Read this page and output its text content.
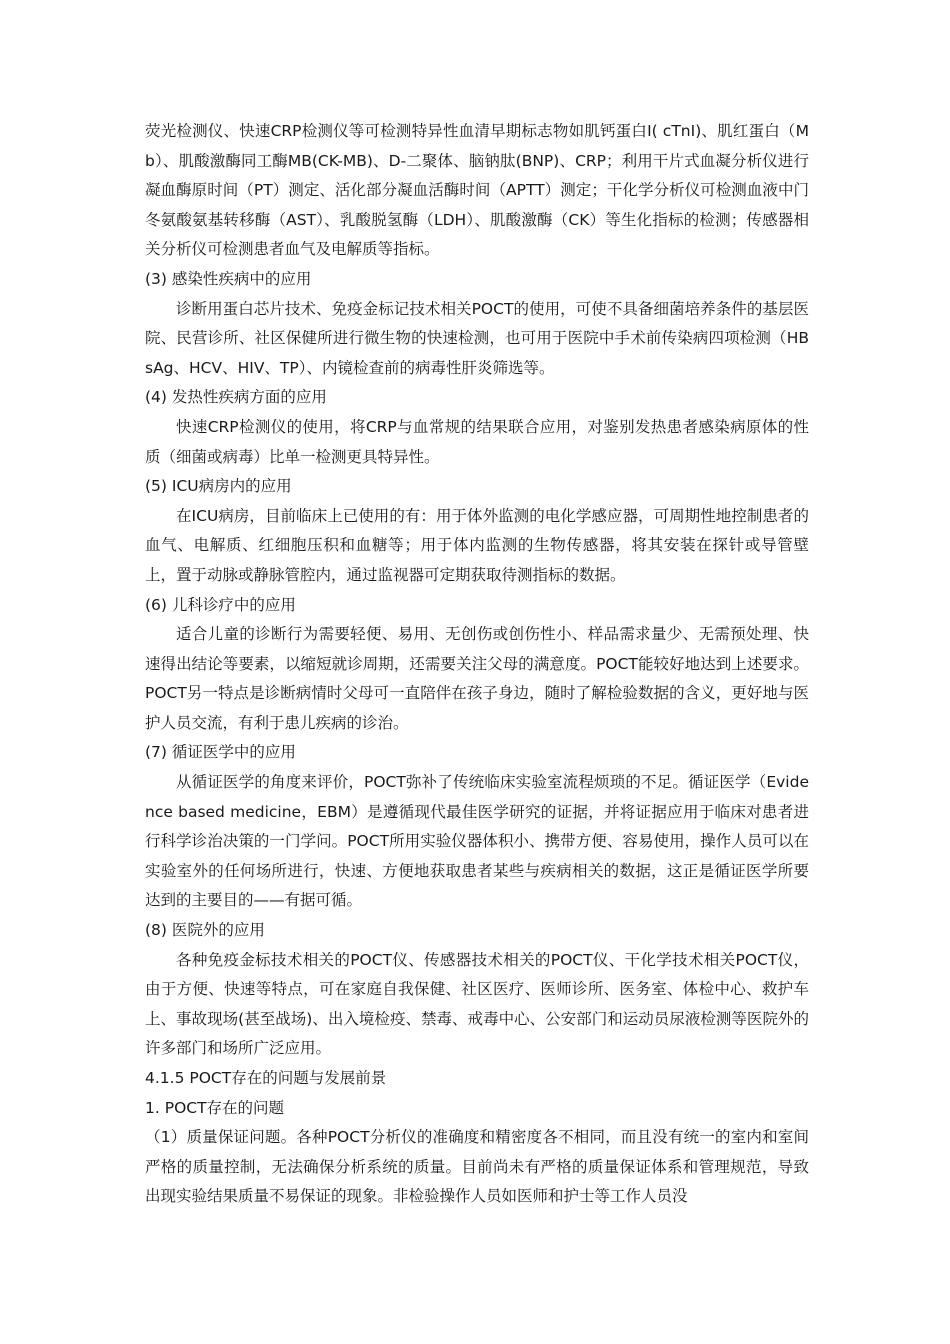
荧光检测仪、快速CRP检测仪等可检测特异性血清早期标志物如肌钙蛋白I( cTnI)、肌红蛋白（Mb）、肌酸激酶同工酶MB(CK-MB)、D-二聚体、脑钠肽(BNP)、CRP；利用干片式血凝分析仪进行凝血酶原时间（PT）测定、活化部分凝血活酶时间（APTT）测定；干化学分析仪可检测血液中门冬氨酸氨基转移酶（AST）、乳酸脱氢酶（LDH）、肌酸激酶（CK）等生化指标的检测；传感器相关分析仪可检测患者血气及电解质等指标。

(3) 感染性疾病中的应用

诊断用蛋白芯片技术、免疫金标记技术相关POCT的使用，可使不具备细菌培养条件的基层医院、民营诊所、社区保健所进行微生物的快速检测，也可用于医院中手术前传染病四项检测（HBsAg、HCV、HIV、TP）、内镜检查前的病毒性肝炎筛选等。

(4) 发热性疾病方面的应用

快速CRP检测仪的使用，将CRP与血常规的结果联合应用，对鉴别发热患者感染病原体的性质（细菌或病毒）比单一检测更具特异性。

(5) ICU病房内的应用

在ICU病房，目前临床上已使用的有：用于体外监测的电化学感应器，可周期性地控制患者的血气、电解质、红细胞压积和血糖等；用于体内监测的生物传感器，将其安装在探针或导管壁上，置于动脉或静脉管腔内，通过监视器可定期获取待测指标的数据。

(6) 儿科诊疗中的应用

适合儿童的诊断行为需要轻便、易用、无创伤或创伤性小、样品需求量少、无需预处理、快速得出结论等要素，以缩短就诊周期，还需要关注父母的满意度。POCT能较好地达到上述要求。POCT另一特点是诊断病情时父母可一直陪伴在孩子身边，随时了解检验数据的含义，更好地与医护人员交流，有利于患儿疾病的诊治。

(7) 循证医学中的应用

从循证医学的角度来评价，POCT弥补了传统临床实验室流程烦琐的不足。循证医学（Evidence based medicine，EBM）是遵循现代最佳医学研究的证据，并将证据应用于临床对患者进行科学诊治决策的一门学问。POCT所用实验仪器体积小、携带方便、容易使用，操作人员可以在实验室外的任何场所进行，快速、方便地获取患者某些与疾病相关的数据，这正是循证医学所要达到的主要目的——有据可循。

(8) 医院外的应用

各种免疫金标技术相关的POCT仪、传感器技术相关的POCT仪、干化学技术相关POCT仪，由于方便、快速等特点，可在家庭自我保健、社区医疗、医师诊所、医务室、体检中心、救护车上、事故现场(甚至战场)、出入境检疫、禁毒、戒毒中心、公安部门和运动员尿液检测等医院外的许多部门和场所广泛应用。

4.1.5 POCT存在的问题与发展前景

1. POCT存在的问题

（1）质量保证问题。各种POCT分析仪的准确度和精密度各不相同，而且没有统一的室内和室间严格的质量控制，无法确保分析系统的质量。目前尚未有严格的质量保证体系和管理规范，导致出现实验结果质量不易保证的现象。非检验操作人员如医师和护士等工作人员没
